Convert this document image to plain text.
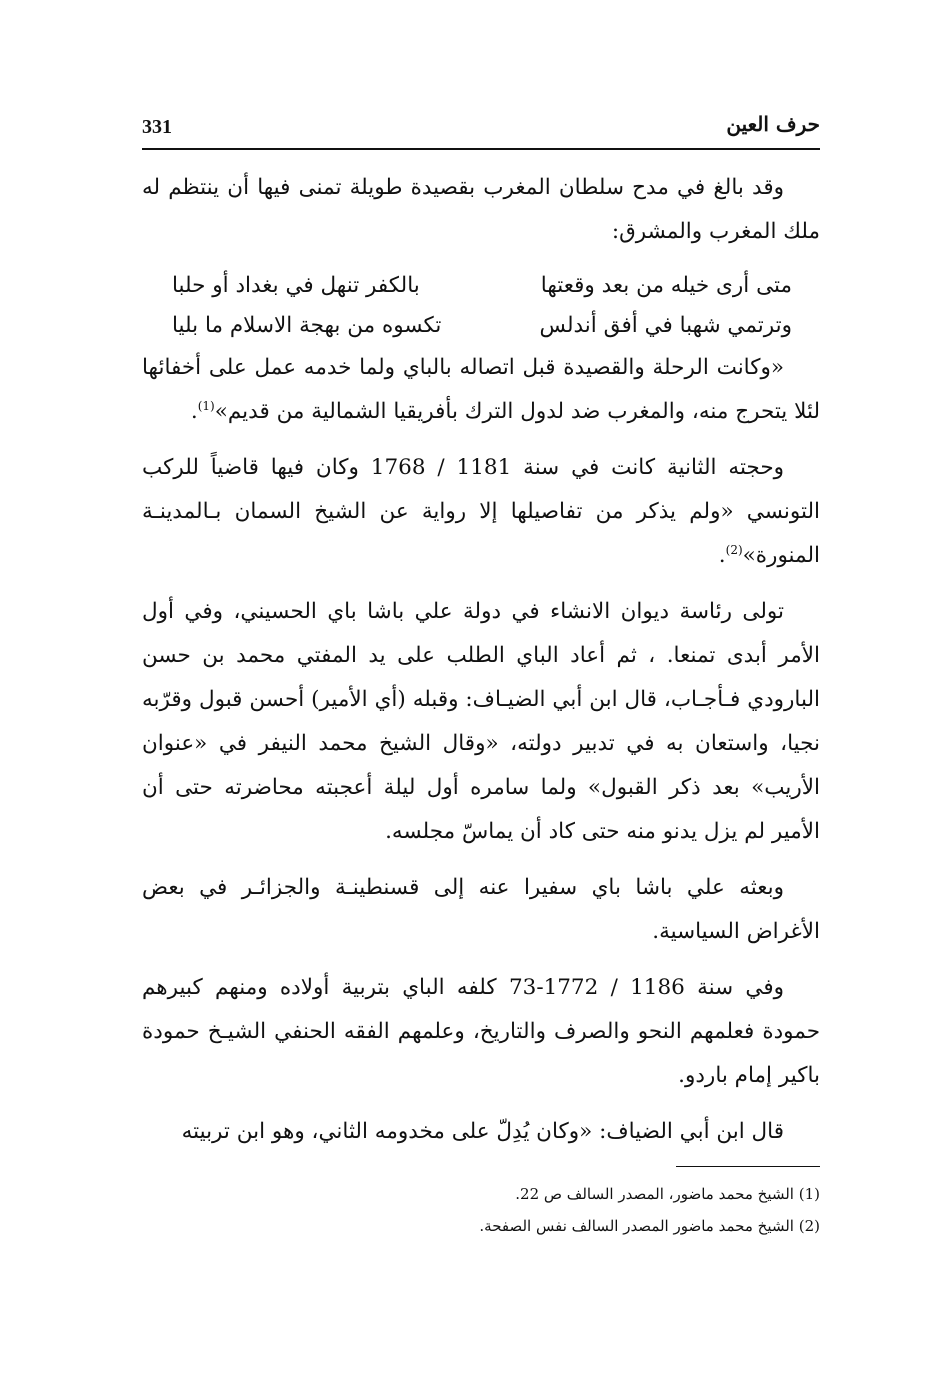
331	حرف العين

وقد بالغ في مدح سلطان المغرب بقصيدة طويلة تمنى فيها أن ينتظم له ملك المغرب والمشرق:

متى أرى خيله من بعد وقعتها
بالكفر تنهل في بغداد أو حلبا
وترتمي شهبا في أفق أندلس
تكسوه من بهجة الاسلام ما بليا

«وكانت الرحلة والقصيدة قبل اتصاله بالباي ولما خدمه عمل على أخفائها لئلا يتحرج منه، والمغرب ضد لدول الترك بأفريقيا الشمالية من قديم»$^{(1)}$.

وحجته الثانية كانت في سنة 1181 / 1768 وكان فيها قاضياً للركب التونسي «ولم يذكر من تفاصيلها إلا رواية عن الشيخ السمان بـالمدينـة المنورة»$^{(2)}$.

تولى رئاسة ديوان الانشاء في دولة علي باشا باي الحسيني، وفي أول الأمر أبدى تمنعا. ، ثم أعاد الباي الطلب على يد المفتي محمد بن حسن البارودي فـأجـاب، قال ابن أبي الضيـاف: وقبله (أي الأمير) أحسن قبول وقرّبه نجيا، واستعان به في تدبير دولته، «وقال الشيخ محمد النيفر في «عنوان الأريب» بعد ذكر القبول» ولما سامره أول ليلة أعجبته محاضرته حتى أن الأمير لم يزل يدنو منه حتى كاد أن يماسّ مجلسه.

وبعثه علي باشا باي سفيرا عنه إلى قسنطينـة والجزائـر في بعض الأغراض السياسية.

وفي سنة 1186 / 1772-73 كلفه الباي بتربية أولاده ومنهم كبيرهم حمودة فعلمهم النحو والصرف والتاريخ، وعلمهم الفقه الحنفي الشيـخ حمودة باكير إمام باردو.

قال ابن أبي الضياف: «وكان يُدِلّ على مخدومه الثاني، وهو ابن تربيته

(1) الشيخ محمد ماضور، المصدر السالف ص 22.

(2) الشيخ محمد ماضور المصدر السالف نفس الصفحة.
